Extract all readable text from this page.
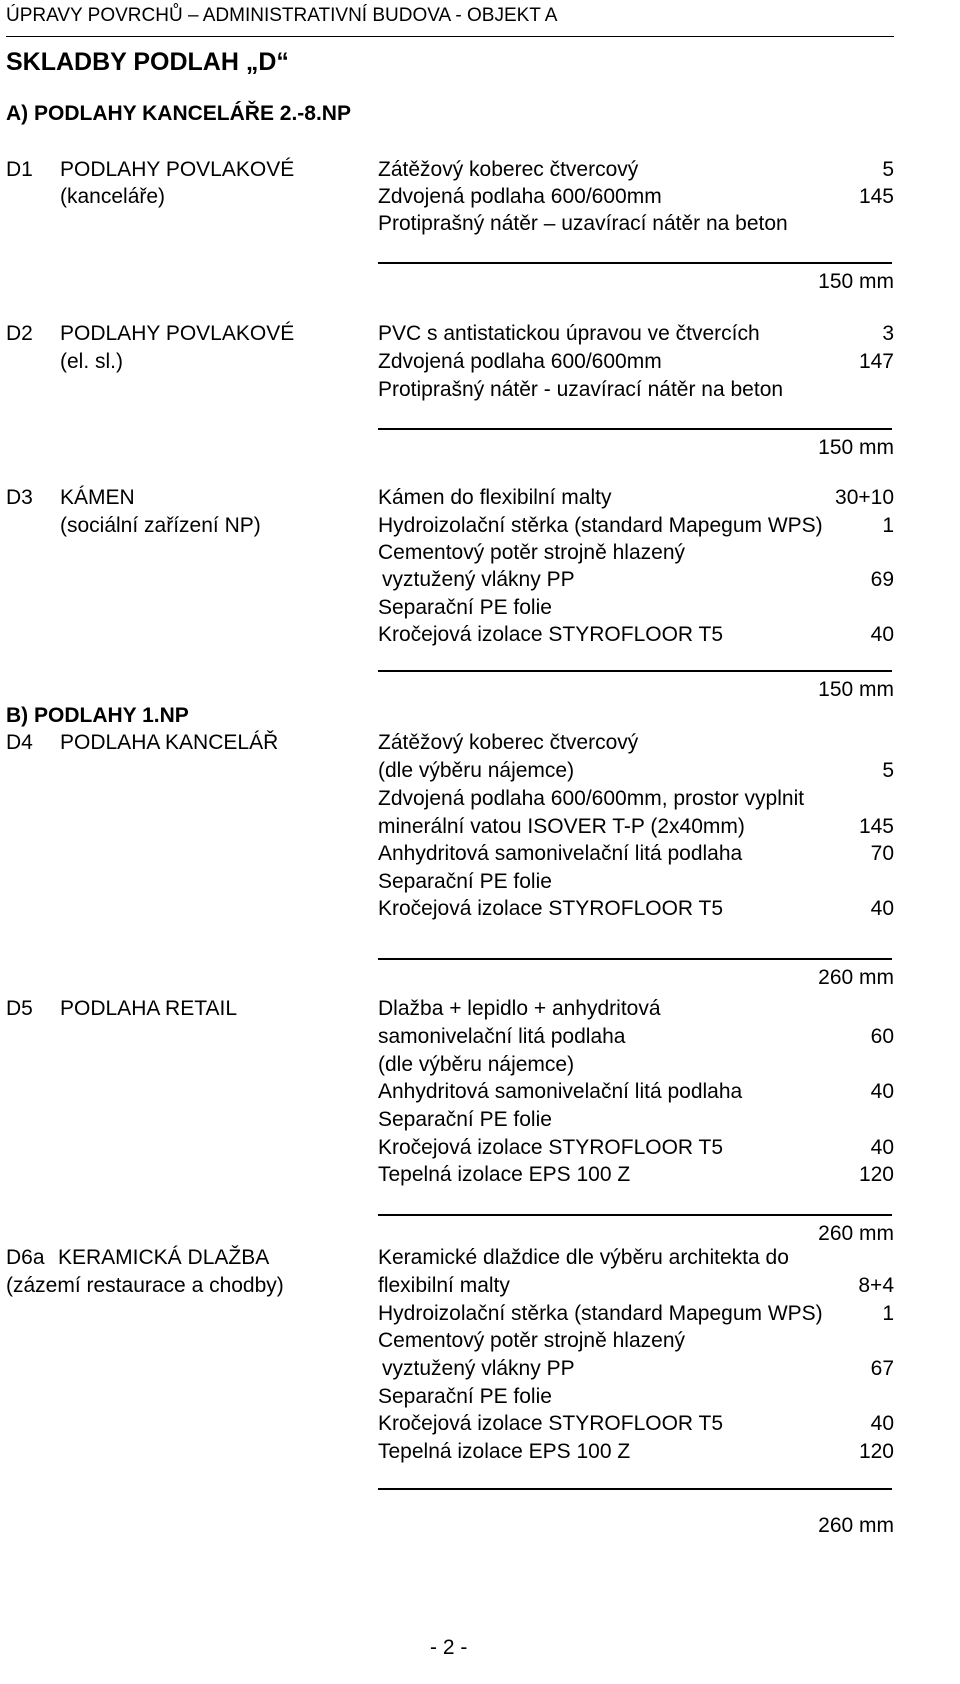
ÚPRAVY POVRCHŮ – ADMINISTRATIVNÍ BUDOVA - OBJEKT A
SKLADBY PODLAH „D“
A) PODLAHY KANCELÁŘE 2.-8.NP
D1 PODLAHY POVLAKOVÉ
(kanceláře)
Zátěžový koberec čtvercový	5
Zdvojená podlaha 600/600mm	145
Protiprašný nátěr – uzavírací nátěr na beton
150 mm
D2 PODLAHY POVLAKOVÉ
(el. sl.)
PVC s antistatickou úpravou ve čtvercích	3
Zdvojená podlaha 600/600mm	147
Protiprašný nátěr - uzavírací nátěr na beton
150 mm
D3 KÁMEN
(sociální zařízení NP)
Kámen do flexibilní malty	30+10
Hydroizolační stěrka (standard Mapegum WPS)	1
Cementový potěr strojně hlazený
vyztužený vlákny PP	69
Separační PE folie
Kročejová izolace STYROFLOOR T5	40
150 mm
B) PODLAHY 1.NP
D4 PODLAHA KANCELÁŘ	Zátěžový koberec čtvercový
(dle výběru nájemce)	5
Zdvojená podlaha 600/600mm, prostor vyplnit
minerální vatou ISOVER T-P (2x40mm)	145
Anhydritová samonivelační litá podlaha	70
Separační PE folie
Kročejová izolace STYROFLOOR T5	40
260 mm
D5 PODLAHA RETAIL	Dlažba + lepidlo + anhydritová
samonivelační litá podlaha	60
(dle výběru nájemce)
Anhydritová samonivelační litá podlaha	40
Separační PE folie
Kročejová izolace STYROFLOOR T5	40
Tepelná izolace EPS 100 Z	120
260 mm
D6a KERAMICKÁ DLAŽBA
(zázemí restaurace a chodby)
Keramické dlaždice dle výběru architekta do
flexibilní malty	8+4
Hydroizolační stěrka (standard Mapegum WPS)	1
Cementový potěr strojně hlazený
vyztužený vlákny PP	67
Separační PE folie
Kročejová izolace STYROFLOOR T5	40
Tepelná izolace EPS 100 Z	120
260 mm
- 2 -
